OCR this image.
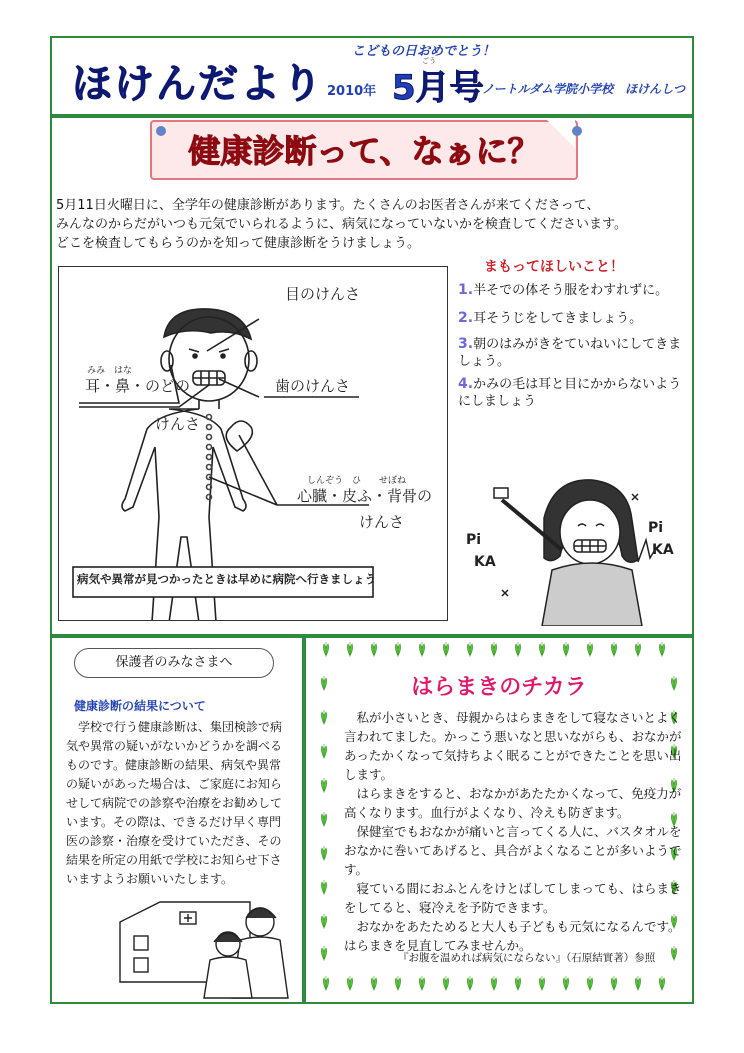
ほけんだより
こどもの日おめでとう！
2010年
ごう
5月号
ノートルダム学院小学校　ほけんしつ
健康診断って、なぁに？
5月11日火曜日に、全学年の健康診断があります。たくさんのお医者さんが来てくださって、
みんなのからだがいつも元気でいられるように、病気になっていないかを検査してくださいます。
どこを検査してもらうのかを知って健康診断をうけましょう。
目のけんさ
みみ　はな
耳・鼻・のどの
けんさ
歯のけんさ
しんぞう　ひ　　せぼね
心臓・皮ふ・背骨の
けんさ
病気や異常が見つかったときは早めに病院へ行きましょう
まもってほしいこと！
1.半そでの体そう服をわすれずに。
2.耳そうじをしてきましょう。
3.朝のはみがきをていねいにしてきましょう。
4.かみの毛は耳と目にかからないようにしましょう
Pi
KA
Pi
KA
保護者のみなさまへ
健康診断の結果について
学校で行う健康診断は、集団検診で病気や異常の疑いがないかどうかを調べるものです。健康診断の結果、病気や異常の疑いがあった場合は、ご家庭にお知らせして病院での診察や治療をお勧めしています。その際は、できるだけ早く専門医の診察・治療を受けていただき、その結果を所定の用紙で学校にお知らせ下さいますようお願いいたします。
はらまきのチカラ
私が小さいとき、母親からはらまきをして寝なさいとよく言われてました。かっこう悪いなと思いながらも、おなかがあったかくなって気持ちよく眠ることができたことを思い出します。
はらまきをすると、おなかがあたたかくなって、免疫力が高くなります。血行がよくなり、冷えも防ぎます。
保健室でもおなかが痛いと言ってくる人に、バスタオルをおなかに巻いてあげると、具合がよくなることが多いようです。
寝ている間におふとんをけとばしてしまっても、はらまきをしてると、寝冷えを予防できます。
おなかをあたためると大人も子どもも元気になるんです。はらまきを見直してみませんか。
『お腹を温めれば病気にならない』（石原結實著）参照
